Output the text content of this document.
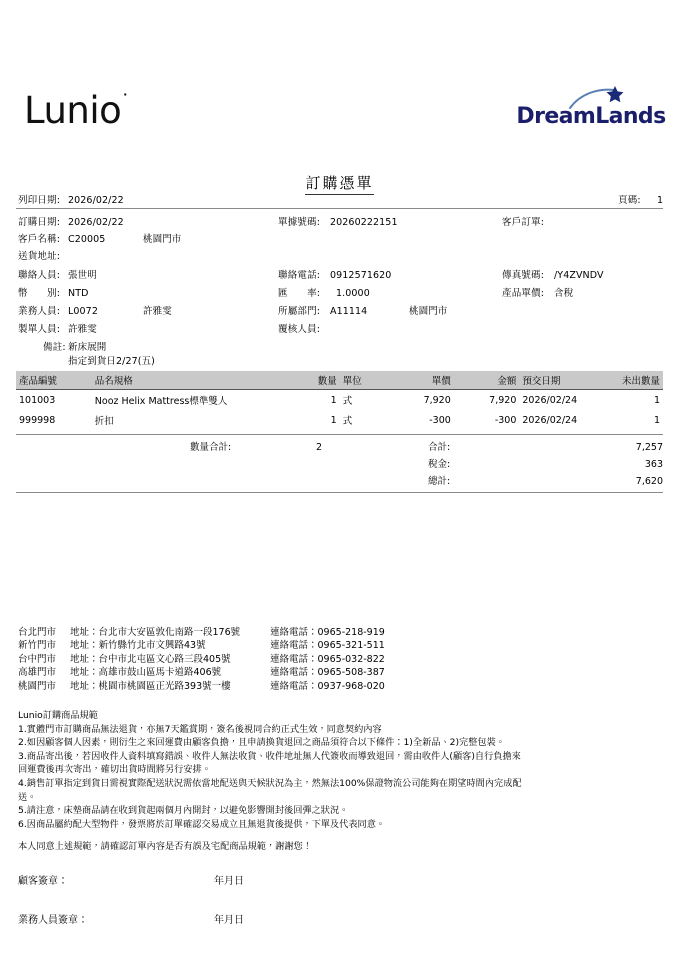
Lunio˙
DreamLands
訂購憑單
列印日期: 2026/02/22	頁碼: 1
訂購日期: 2026/02/22	單據號碼: 20260222151	客戶訂單:
客戶名稱: C20005	桃園門市
送貨地址:
聯絡人員: 張世明	聯絡電話: 0912571620	傳真號碼: /Y4ZVNDV
幣　　別: NTD	匯　　率: 1.0000	產品單價: 含稅
業務人員: L0072	許雅雯	所屬部門: A11114	桃園門市
製單人員: 許雅雯	覆核人員:
備註: 新床展開
指定到貨日2/27(五)
產品編號	品名規格	數量	單位	單價	金額	預交日期	未出數量
101003	Nooz Helix Mattress標準雙人	1	式	7,920	7,920	2026/02/24	1
999998	折扣	1	式	-300	-300	2026/02/24	1
數量合計:	2	合計:	7,257
稅金:	363
總計:	7,620
台北門市 地址：台北市大安區敦化南路一段176號	連絡電話：0965-218-919
新竹門市 地址：新竹縣竹北市文興路43號	連絡電話：0965-321-511
台中門市 地址：台中市北屯區文心路三段405號	連絡電話：0965-032-822
高雄門市 地址：高雄市鼓山區馬卡道路406號	連絡電話：0965-508-387
桃園門市 地址：桃園市桃園區正光路393號一樓	連絡電話：0937-968-020

Lunio訂購商品規範

1.實體門市訂購商品無法退貨，亦無7天鑑賞期，簽名後視同合約正式生效，同意契約內容

2.如因顧客個人因素，則衍生之來回運費由顧客負擔，且申請換貨退回之商品須符合以下條件：1)全新品、2)完整包裝。

3.商品寄出後，若因收件人資料填寫錯誤、收件人無法收貨、收件地址無人代簽收而導致退回，需由收件人(顧客)自行負擔來

回運費後再次寄出，確切出貨時間將另行安排。

4.銷售訂單指定到貨日需視實際配送狀況需依當地配送與天候狀況為主，然無法100%保證物流公司能夠在期望時間內完成配

送。

5.請注意，床墊商品請在收到貨起兩個月內開封，以避免影響開封後回彈之狀況。

6.因商品屬約配大型物件，發票將於訂單確認交易成立且無退貨後提供，下單及代表同意。

本人同意上述規範，請確認訂單內容是否有誤及宅配商品規範，謝謝您！

顧客簽章：	年月日
業務人員簽章：	年月日
